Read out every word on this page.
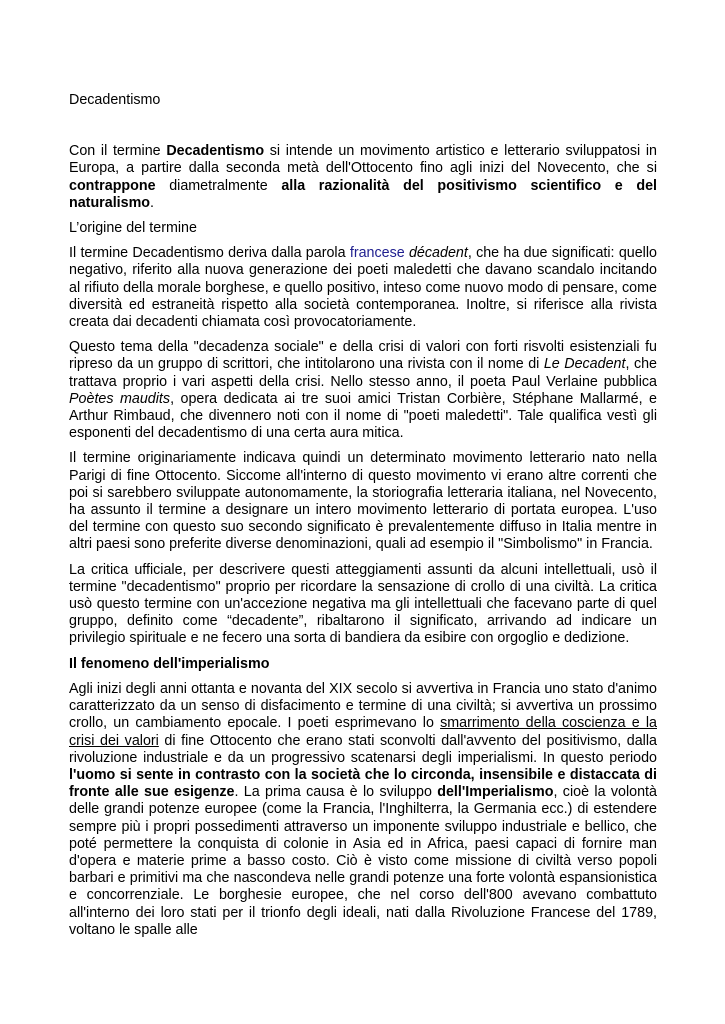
Decadentismo

Con il termine Decadentismo si intende un movimento artistico e letterario sviluppatosi in Europa, a partire dalla seconda metà dell'Ottocento fino agli inizi del Novecento, che si contrappone diametralmente alla razionalità del positivismo scientifico e del naturalismo.

L’origine del termine

Il termine Decadentismo deriva dalla parola francese décadent, che ha due significati: quello negativo, riferito alla nuova generazione dei poeti maledetti che davano scandalo incitando al rifiuto della morale borghese, e quello positivo, inteso come nuovo modo di pensare, come diversità ed estraneità rispetto alla società contemporanea. Inoltre, si riferisce alla rivista creata dai decadenti chiamata così provocatoriamente.

Questo tema della "decadenza sociale" e della crisi di valori con forti risvolti esistenziali fu ripreso da un gruppo di scrittori, che intitolarono una rivista con il nome di Le Decadent, che trattava proprio i vari aspetti della crisi. Nello stesso anno, il poeta Paul Verlaine pubblica Poètes maudits, opera dedicata ai tre suoi amici Tristan Corbière, Stéphane Mallarmé, e Arthur Rimbaud, che divennero noti con il nome di "poeti maledetti". Tale qualifica vestì gli esponenti del decadentismo di una certa aura mitica.

Il termine originariamente indicava quindi un determinato movimento letterario nato nella Parigi di fine Ottocento. Siccome all'interno di questo movimento vi erano altre correnti che poi si sarebbero sviluppate autonomamente, la storiografia letteraria italiana, nel Novecento, ha assunto il termine a designare un intero movimento letterario di portata europea. L'uso del termine con questo suo secondo significato è prevalentemente diffuso in Italia mentre in altri paesi sono preferite diverse denominazioni, quali ad esempio il "Simbolismo" in Francia.

La critica ufficiale, per descrivere questi atteggiamenti assunti da alcuni intellettuali, usò il termine "decadentismo" proprio per ricordare la sensazione di crollo di una civiltà. La critica usò questo termine con un'accezione negativa ma gli intellettuali che facevano parte di quel gruppo, definito come “decadente”, ribaltarono il significato, arrivando ad indicare un privilegio spirituale e ne fecero una sorta di bandiera da esibire con orgoglio e dedizione.

Il fenomeno dell'imperialismo

Agli inizi degli anni ottanta e novanta del XIX secolo si avvertiva in Francia uno stato d'animo caratterizzato da un senso di disfacimento e termine di una civiltà; si avvertiva un prossimo crollo, un cambiamento epocale. I poeti esprimevano lo smarrimento della coscienza e la crisi dei valori di fine Ottocento che erano stati sconvolti dall'avvento del positivismo, dalla rivoluzione industriale e da un progressivo scatenarsi degli imperialismi. In questo periodo l'uomo si sente in contrasto con la società che lo circonda, insensibile e distaccata di fronte alle sue esigenze. La prima causa è lo sviluppo dell'Imperialismo, cioè la volontà delle grandi potenze europee (come la Francia, l'Inghilterra, la Germania ecc.) di estendere sempre più i propri possedimenti attraverso un imponente sviluppo industriale e bellico, che poté permettere la conquista di colonie in Asia ed in Africa, paesi capaci di fornire man d'opera e materie prime a basso costo. Ciò è visto come missione di civiltà verso popoli barbari e primitivi ma che nascondeva nelle grandi potenze una forte volontà espansionistica e concorrenziale. Le borghesie europee, che nel corso dell'800 avevano combattuto all'interno dei loro stati per il trionfo degli ideali, nati dalla Rivoluzione Francese del 1789, voltano le spalle alle
